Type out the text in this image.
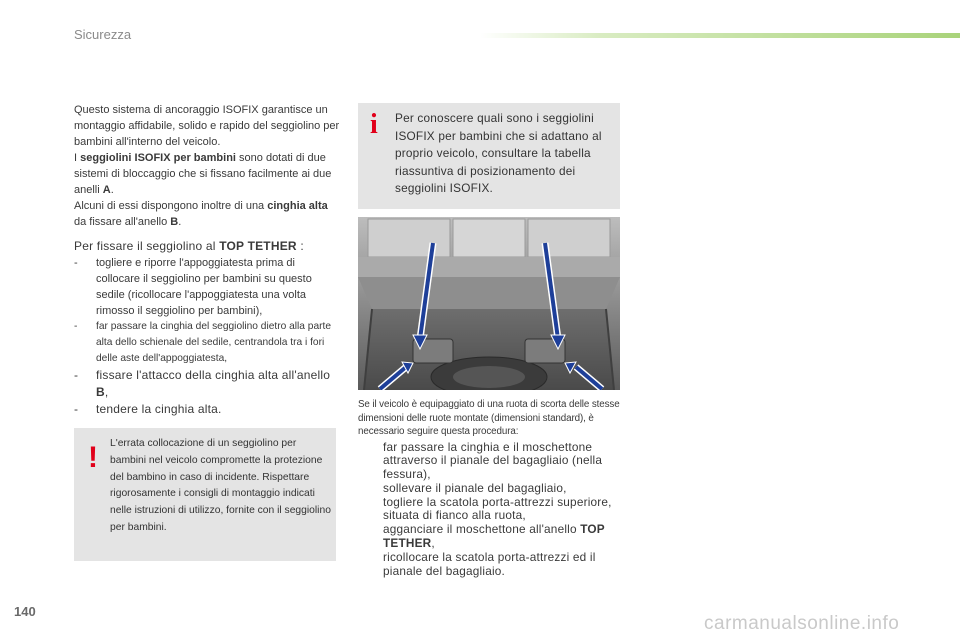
Sicurezza

Questo sistema di ancoraggio ISOFIX garantisce un montaggio affidabile, solido e rapido del seggiolino per bambini all'interno del veicolo.

I seggiolini ISOFIX per bambini sono dotati di due sistemi di bloccaggio che si fissano facilmente ai due anelli A.

Alcuni di essi dispongono inoltre di una cinghia alta da fissare all'anello B.

Per fissare il seggiolino al TOP TETHER :

- togliere e riporre l'appoggiatesta prima di collocare il seggiolino per bambini su questo sedile (ricollocare l'appoggiatesta una volta rimosso il seggiolino per bambini),

- far passare la cinghia del seggiolino dietro alla parte alta dello schienale del sedile, centrandola tra i fori delle aste dell'appoggiatesta,

- fissare l'attacco della cinghia alta all'anello B,

- tendere la cinghia alta.

! L'errata collocazione di un seggiolino per bambini nel veicolo compromette la protezione del bambino in caso di incidente. Rispettare rigorosamente i consigli di montaggio indicati nelle istruzioni di utilizzo, fornite con il seggiolino per bambini.
i Per conoscere quali sono i seggiolini ISOFIX per bambini che si adattano al proprio veicolo, consultare la tabella riassuntiva di posizionamento dei seggiolini ISOFIX.

Se il veicolo è equipaggiato di una ruota di scorta delle stesse dimensioni delle ruote montate (dimensioni standard), è necessario seguire questa procedura:

far passare la cinghia e il moschettone attraverso il pianale del bagagliaio (nella fessura),

sollevare il pianale del bagagliaio,

togliere la scatola porta-attrezzi superiore, situata di fianco alla ruota,

agganciare il moschettone all'anello TOP TETHER,

ricollocare la scatola porta-attrezzi ed il pianale del bagagliaio.

140
carmanualsonline.info
